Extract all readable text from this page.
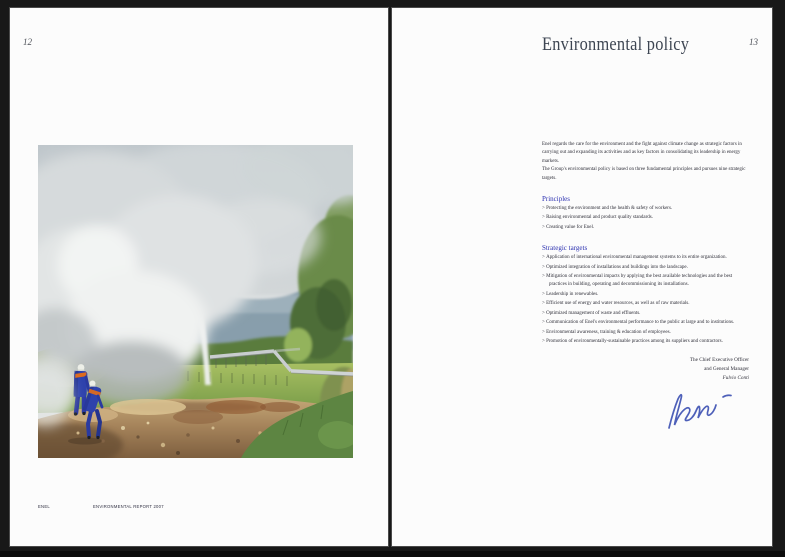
12
ENEL	ENVIRONMENTAL REPORT 2007
Environmental policy	13

Enel regards the care for the environment and the fight against climate change as strategic factors in carrying out and expanding its activities and as key factors in consolidating its leadership in energy markets.

The Group's environmental policy is based on three fundamental principles and pursues nine strategic targets.

Principles
> Protecting the environment and the health & safety of workers.
> Raising environmental and product quality standards.
> Creating value for Enel.
Strategic targets
> Application of international environmental management systems to its entire organization.
> Optimized integration of installations and buildings into the landscape.
> Mitigation of environmental impacts by applying the best available technologies and the best practices in building, operating and decommissioning its installations.
> Leadership in renewables.
> Efficient use of energy and water resources, as well as of raw materials.
> Optimized management of waste and effluents.
> Communication of Enel's environmental performance to the public at large and to institutions.
> Environmental awareness, training & education of employees.
> Promotion of environmentally-sustainable practices among its suppliers and contractors.
The Chief Executive Officer
and General Manager
Fulvio Conti
